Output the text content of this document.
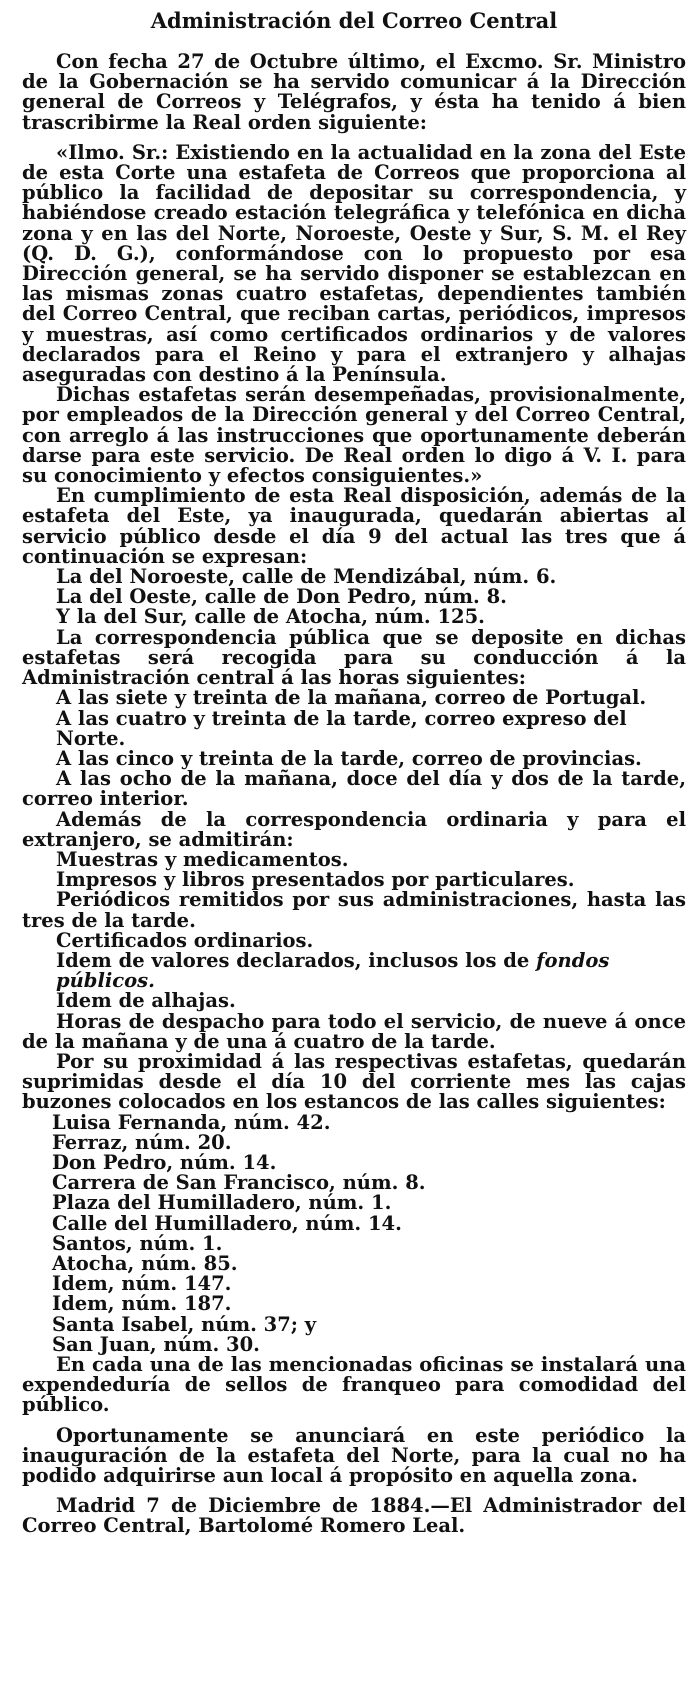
Administración del Correo Central

Con fecha 27 de Octubre último, el Excmo. Sr. Ministro de la Gobernación se ha servido comunicar á la Dirección general de Correos y Telégrafos, y ésta ha tenido á bien trascribirme la Real orden siguiente:

«Ilmo. Sr.: Existiendo en la actualidad en la zona del Este de esta Corte una estafeta de Correos que proporciona al público la facilidad de depositar su correspondencia, y habiéndose creado estación telegráfica y telefónica en dicha zona y en las del Norte, Noroeste, Oeste y Sur, S. M. el Rey (Q. D. G.), conformándose con lo propuesto por esa Dirección general, se ha servido disponer se establezcan en las mismas zonas cuatro estafetas, dependientes también del Correo Central, que reciban cartas, periódicos, impresos y muestras, así como certificados ordinarios y de valores declarados para el Reino y para el extranjero y alhajas aseguradas con destino á la Península.

Dichas estafetas serán desempeñadas, provisionalmente, por empleados de la Dirección general y del Correo Central, con arreglo á las instrucciones que oportunamente deberán darse para este servicio. De Real orden lo digo á V. I. para su conocimiento y efectos consiguientes.»

En cumplimiento de esta Real disposición, además de la estafeta del Este, ya inaugurada, quedarán abiertas al servicio público desde el día 9 del actual las tres que á continuación se expresan:

La del Noroeste, calle de Mendizábal, núm. 6.
La del Oeste, calle de Don Pedro, núm. 8.
Y la del Sur, calle de Atocha, núm. 125.

La correspondencia pública que se deposite en dichas estafetas será recogida para su conducción á la Administración central á las horas siguientes:

A las siete y treinta de la mañana, correo de Portugal.
A las cuatro y treinta de la tarde, correo expreso del Norte.
A las cinco y treinta de la tarde, correo de provincias.

A las ocho de la mañana, doce del día y dos de la tarde, correo interior.

Además de la correspondencia ordinaria y para el extranjero, se admitirán:

Muestras y medicamentos.
Impresos y libros presentados por particulares.

Periódicos remitidos por sus administraciones, hasta las tres de la tarde.

Certificados ordinarios.
Idem de valores declarados, inclusos los de fondos públicos.
Idem de alhajas.

Horas de despacho para todo el servicio, de nueve á once de la mañana y de una á cuatro de la tarde.

Por su proximidad á las respectivas estafetas, quedarán suprimidas desde el día 10 del corriente mes las cajas buzones colocados en los estancos de las calles siguientes:

Luisa Fernanda, núm. 42.
Ferraz, núm. 20.
Don Pedro, núm. 14.
Carrera de San Francisco, núm. 8.
Plaza del Humilladero, núm. 1.
Calle del Humilladero, núm. 14.
Santos, núm. 1.
Atocha, núm. 85.
Idem, núm. 147.
Idem, núm. 187.
Santa Isabel, núm. 37; y
San Juan, núm. 30.

En cada una de las mencionadas oficinas se instalará una expendeduría de sellos de franqueo para comodidad del público.

Oportunamente se anunciará en este periódico la inauguración de la estafeta del Norte, para la cual no ha podido adquirirse aun local á propósito en aquella zona.

Madrid 7 de Diciembre de 1884.—El Administrador del Correo Central, Bartolomé Romero Leal.
